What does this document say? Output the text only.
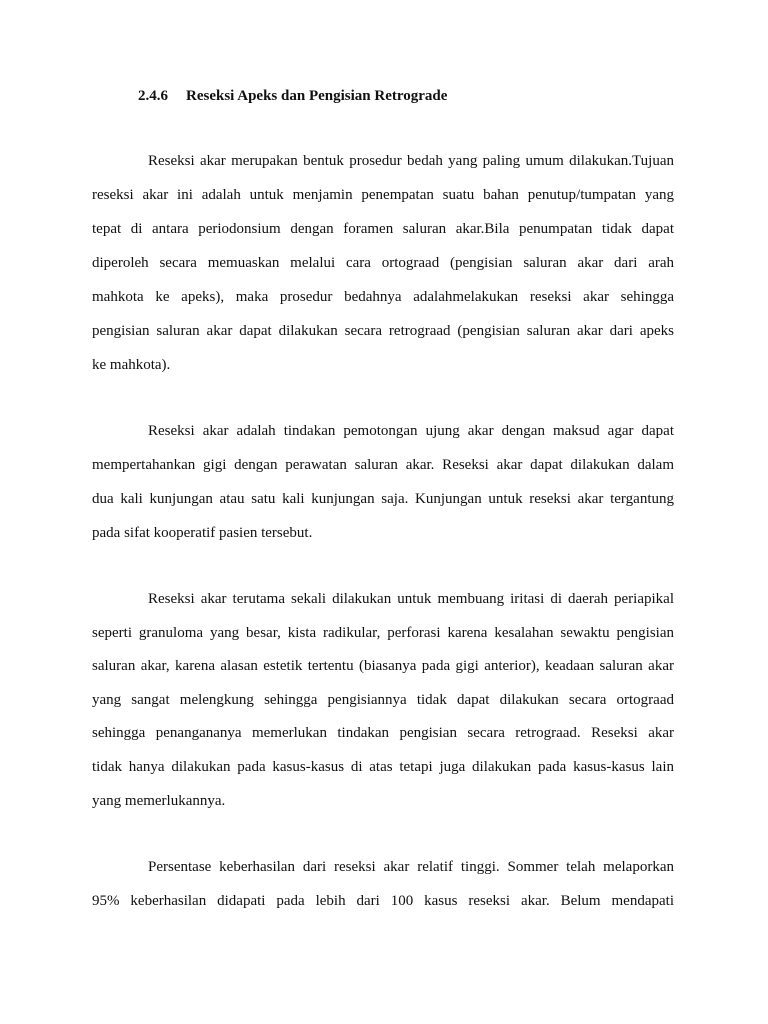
2.4.6 Reseksi Apeks dan Pengisian Retrograde
Reseksi akar merupakan bentuk prosedur bedah yang paling umum dilakukan.Tujuan
reseksi akar ini adalah untuk menjamin penempatan suatu bahan penutup/tumpatan yang
tepat di antara periodonsium dengan foramen saluran akar.Bila penumpatan tidak dapat
diperoleh secara memuaskan melalui cara ortograad (pengisian saluran akar dari arah
mahkota ke apeks), maka prosedur bedahnya adalahmelakukan reseksi akar sehingga
pengisian saluran akar dapat dilakukan secara retrograad (pengisian saluran akar dari apeks
ke mahkota).
Reseksi akar adalah tindakan pemotongan ujung akar dengan maksud agar dapat
mempertahankan gigi dengan perawatan saluran akar. Reseksi akar dapat dilakukan dalam
dua kali kunjungan atau satu kali kunjungan saja. Kunjungan untuk reseksi akar tergantung
pada sifat kooperatif pasien tersebut.
Reseksi akar terutama sekali dilakukan untuk membuang iritasi di daerah periapikal
seperti granuloma yang besar, kista radikular, perforasi karena kesalahan sewaktu pengisian
saluran akar, karena alasan estetik tertentu (biasanya pada gigi anterior), keadaan saluran akar
yang sangat melengkung sehingga pengisiannya tidak dapat dilakukan secara ortograad
sehingga penangananya memerlukan tindakan pengisian secara retrograad. Reseksi akar
tidak hanya dilakukan pada kasus-kasus di atas tetapi juga dilakukan pada kasus-kasus lain
yang memerlukannya.
Persentase keberhasilan dari reseksi akar relatif tinggi. Sommer telah melaporkan
95% keberhasilan didapati pada lebih dari 100 kasus reseksi akar. Belum mendapati
